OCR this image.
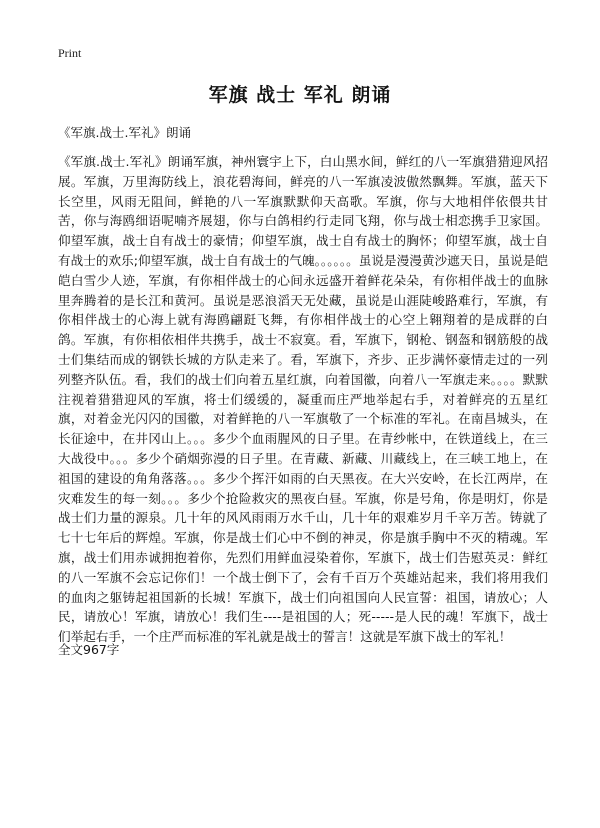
Print
军旗 战士 军礼 朗诵
《军旗.战士.军礼》朗诵

《军旗.战士.军礼》朗诵军旗，神州寰宇上下，白山黑水间，鲜红的八一军旗猎猎迎风招展。军旗，万里海防线上，浪花碧海间，鲜亮的八一军旗凌波傲然飘舞。军旗，蓝天下长空里，风雨无阻间，鲜艳的八一军旗默默仰天高歌。军旗，你与大地相伴依偎共甘苦，你与海鸥细语呢喃齐展翅，你与白鸽相约行走同飞翔，你与战士相恋携手卫家国。仰望军旗，战士自有战士的豪情；仰望军旗，战士自有战士的胸怀；仰望军旗，战士自有战士的欢乐;仰望军旗，战士自有战士的气魄。。。。。。虽说是漫漫黄沙遮天日，虽说是皑皑白雪少人迹，军旗，有你相伴战士的心间永远盛开着鲜花朵朵，有你相伴战士的血脉里奔腾着的是长江和黄河。虽说是恶浪滔天无处藏，虽说是山涯陡峻路难行，军旗，有你相伴战士的心海上就有海鸥翩跹飞舞，有你相伴战士的心空上翱翔着的是成群的白鸽。军旗，有你相依相伴共携手，战士不寂寞。看，军旗下，钢枪、钢盔和钢筋般的战士们集结而成的钢铁长城的方队走来了。看，军旗下，齐步、正步满怀豪情走过的一列列整齐队伍。看，我们的战士们向着五星红旗，向着国徽，向着八一军旗走来。。。。默默注视着猎猎迎风的军旗，将士们缓缓的，凝重而庄严地举起右手，对着鲜亮的五星红旗，对着金光闪闪的国徽，对着鲜艳的八一军旗敬了一个标准的军礼。在南昌城头，在长征途中，在井冈山上。。。多少个血雨腥风的日子里。在青纱帐中，在铁道线上，在三大战役中。。。多少个硝烟弥漫的日子里。在青藏、新藏、川藏线上，在三峡工地上，在祖国的建设的角角落落。。。多少个挥汗如雨的白天黑夜。在大兴安岭，在长江两岸，在灾难发生的每一刻。。。多少个抢险救灾的黑夜白昼。军旗，你是号角，你是明灯，你是战士们力量的源泉。几十年的风风雨雨万水千山，几十年的艰难岁月千辛万苦。铸就了七十七年后的辉煌。军旗，你是战士们心中不倒的神灵，你是旗手胸中不灭的精魂。军旗，战士们用赤诚拥抱着你，先烈们用鲜血浸染着你，军旗下，战士们告慰英灵：鲜红的八一军旗不会忘记你们！一个战士倒下了，会有千百万个英雄站起来，我们将用我们的血肉之躯铸起祖国新的长城！军旗下，战士们向祖国向人民宣誓：祖国，请放心；人民，请放心！军旗，请放心！我们生----是祖国的人；死-----是人民的魂！军旗下，战士们举起右手，一个庄严而标准的军礼就是战士的誓言！这就是军旗下战士的军礼！

全文967字
